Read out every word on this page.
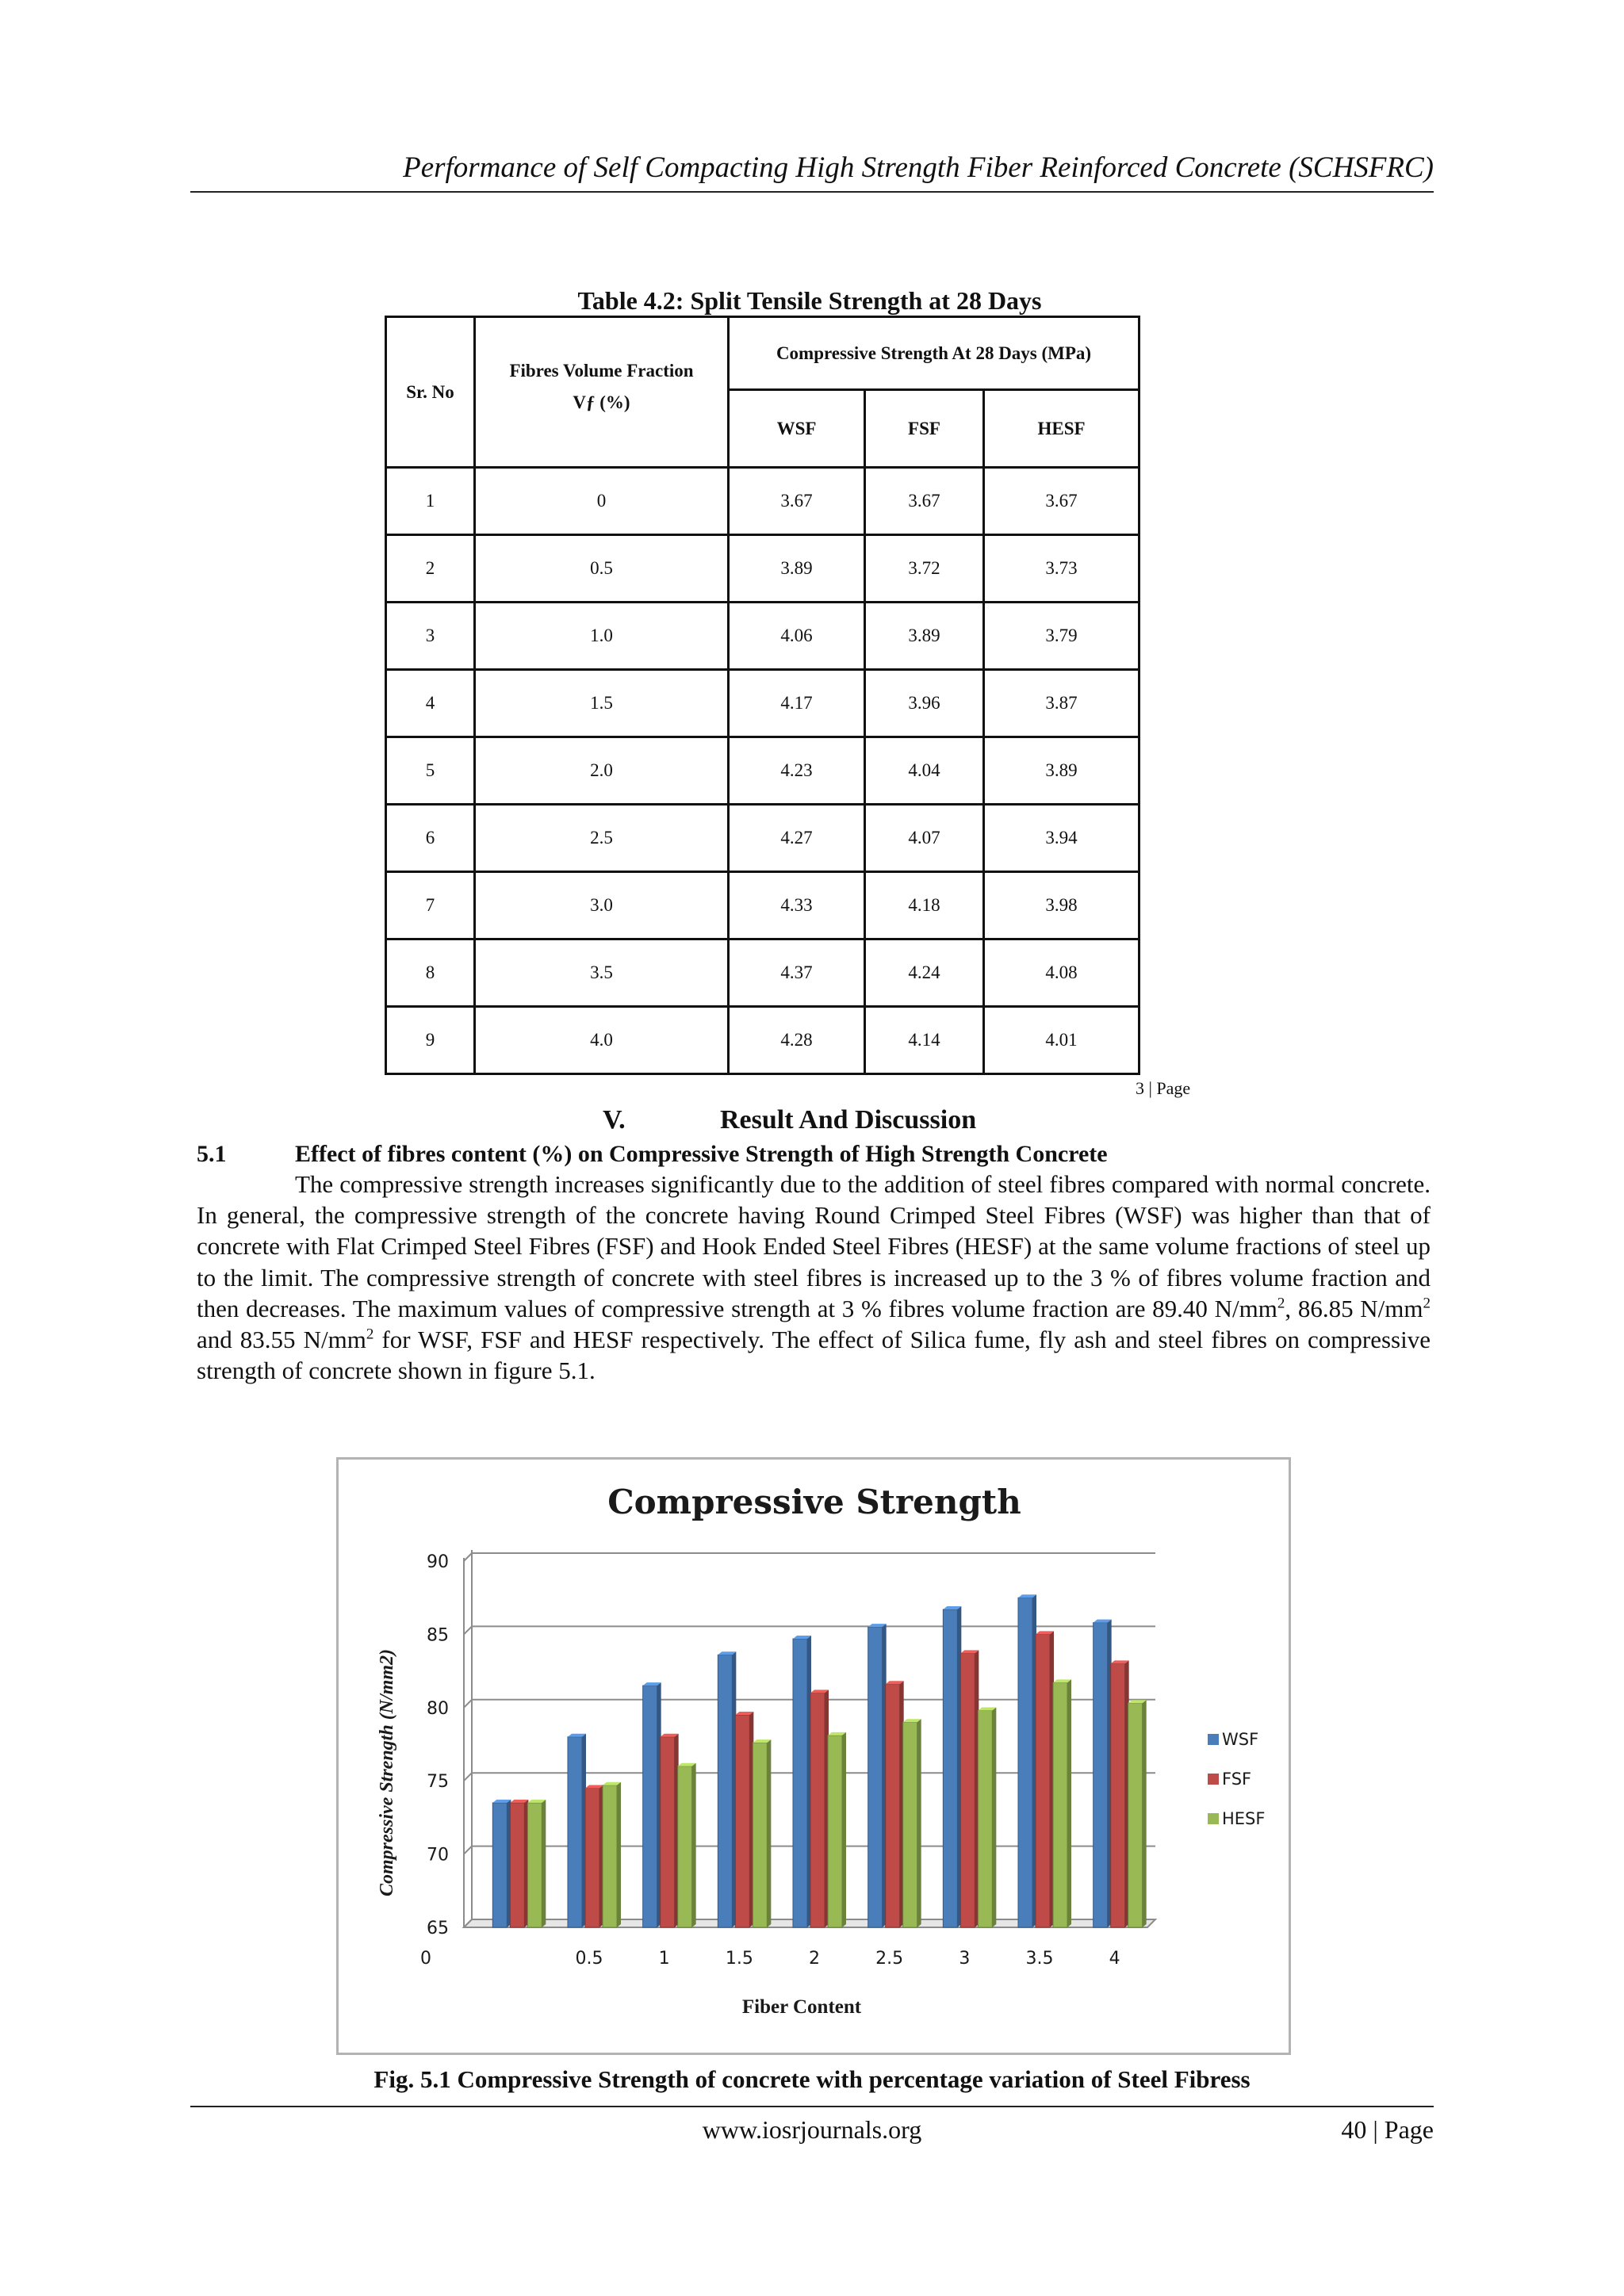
Performance of Self Compacting High Strength Fiber Reinforced Concrete (SCHSFRC)
Table 4.2: Split Tensile Strength at 28 Days
Sr. No	Fibres Volume Fraction
Vƒ (%)	Compressive Strength At 28 Days (MPa)		
		WSF	FSF	HESF
1	0	3.67	3.67	3.67
2	0.5	3.89	3.72	3.73
3	1.0	4.06	3.89	3.79
4	1.5	4.17	3.96	3.87
5	2.0	4.23	4.04	3.89
6	2.5	4.27	4.07	3.94
7	3.0	4.33	4.18	3.98
8	3.5	4.37	4.24	4.08
9	4.0	4.28	4.14	4.01
3 | Page
V.	Result And Discussion
5.1	Effect of fibres content (%) on Compressive Strength of High Strength Concrete
The compressive strength increases significantly due to the addition of steel fibres compared with normal concrete. In general, the compressive strength of the concrete having Round Crimped Steel Fibres (WSF) was higher than that of concrete with Flat Crimped Steel Fibres (FSF) and Hook Ended Steel Fibres (HESF) at the same volume fractions of steel up to the limit. The compressive strength of concrete with steel fibres is increased up to the 3 % of fibres volume fraction and then decreases. The maximum values of compressive strength at 3 % fibres volume fraction are 89.40 $N/mm^2$, 86.85 $N/mm^2$ and 83.55 $N/mm^2$ for WSF, FSF and HESF respectively. The effect of Silica fume, fly ash and steel fibres on compressive strength of concrete shown in figure 5.1.
Compressive Strength
Fiber Content
Compressive Strength (N/mm2)
65
70
75
80
85
90
0	0.5	1	1.5	2	2.5	3	3.5	4
WSF
FSF
HESF
Fig. 5.1 Compressive Strength of concrete with percentage variation of Steel Fibress
www.iosrjournals.org	40 | Page
